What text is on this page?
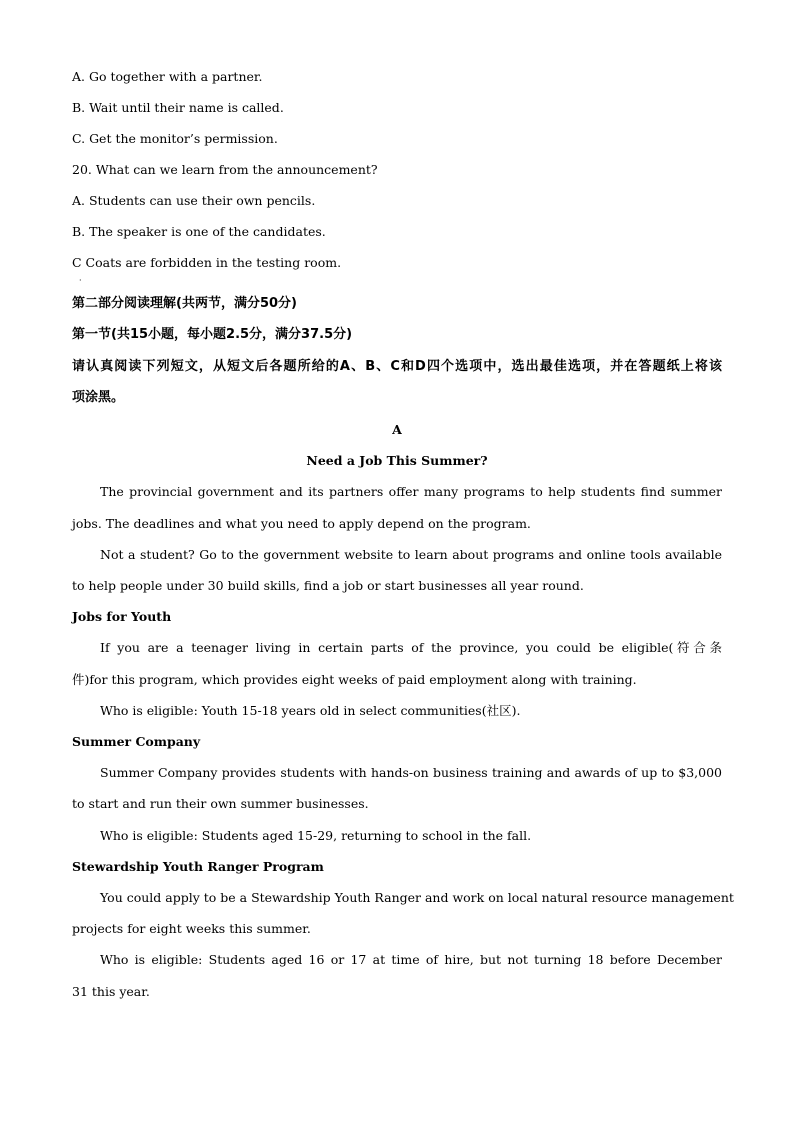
A. Go together with a partner.
B. Wait until their name is called.
C. Get the monitor’s permission.
20. What can we learn from the announcement?
A. Students can use their own pencils.
B. The speaker is one of the candidates.
C Coats are forbidden in the testing room.
第二部分阅读理解(共两节，满分50分)
第一节(共15小题，每小题2.5分，满分37.5分)
请认真阅读下列短文，从短文后各题所给的A、B、C和D四个选项中，选出最佳选项，并在答题纸上将该
项涂黑。
A
Need a Job This Summer?
The provincial government and its partners offer many programs to help students find summer
jobs. The deadlines and what you need to apply depend on the program.
Not a student? Go to the government website to learn about programs and online tools available
to help people under 30 build skills, find a job or start businesses all year round.
Jobs for Youth
If you are a teenager living in certain parts of the province, you could be eligible(符合条
件)for this program, which provides eight weeks of paid employment along with training.
Who is eligible: Youth 15-18 years old in select communities(社区).
Summer Company
Summer Company provides students with hands-on business training and awards of up to $3,000
to start and run their own summer businesses.
Who is eligible: Students aged 15-29, returning to school in the fall.
Stewardship Youth Ranger Program
You could apply to be a Stewardship Youth Ranger and work on local natural resource management
projects for eight weeks this summer.
Who is eligible: Students aged 16 or 17 at time of hire, but not turning 18 before December
31 this year.
·
